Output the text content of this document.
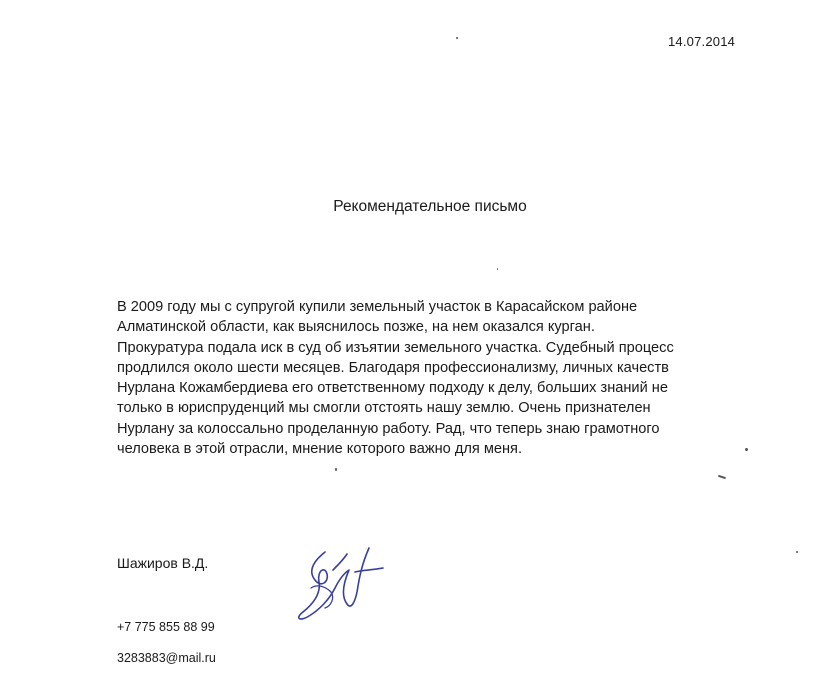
14.07.2014
Рекомендательное письмо
В 2009 году мы с супругой купили земельный участок в Карасайском районе
Алматинской области, как выяснилось позже, на нем оказался курган.
Прокуратура подала иск в суд об изъятии земельного участка. Судебный процесс
продлился около шести месяцев. Благодаря профессионализму, личных качеств
Нурлана Кожамбердиева его ответственному подходу к делу, больших знаний не
только в юриспруденций мы смогли отстоять нашу землю. Очень признателен
Нурлану за колоссально проделанную работу. Рад, что теперь знаю грамотного
человека в этой отрасли, мнение которого важно для меня.
Шажиров В.Д.
+7 775 855 88 99
3283883@mail.ru
